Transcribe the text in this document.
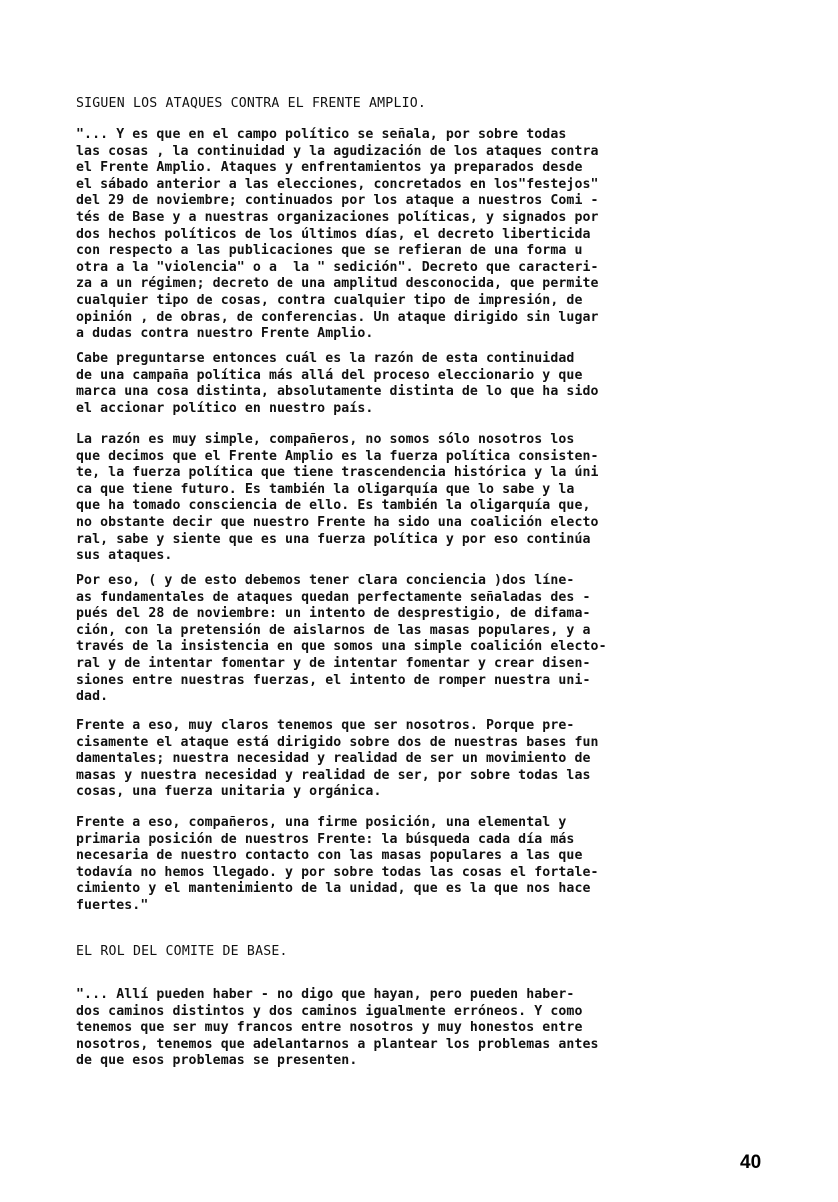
SIGUEN LOS ATAQUES CONTRA EL FRENTE AMPLIO.
"... Y es que en el campo político se señala, por sobre todas
las cosas , la continuidad y la agudización de los ataques contra
el Frente Amplio. Ataques y enfrentamientos ya preparados desde
el sábado anterior a las elecciones, concretados en los"festejos"
del 29 de noviembre; continuados por los ataque a nuestros Comi -
tés de Base y a nuestras organizaciones políticas, y signados por
dos hechos políticos de los últimos días, el decreto liberticida
con respecto a las publicaciones que se refieran de una forma u
otra a la "violencia" o a  la " sedición". Decreto que caracteri-
za a un régimen; decreto de una amplitud desconocida, que permite
cualquier tipo de cosas, contra cualquier tipo de impresión, de
opinión , de obras, de conferencias. Un ataque dirigido sin lugar
a dudas contra nuestro Frente Amplio.
Cabe preguntarse entonces cuál es la razón de esta continuidad
de una campaña política más allá del proceso eleccionario y que
marca una cosa distinta, absolutamente distinta de lo que ha sido
el accionar político en nuestro país.
La razón es muy simple, compañeros, no somos sólo nosotros los
que decimos que el Frente Amplio es la fuerza política consisten-
te, la fuerza política que tiene trascendencia histórica y la úni
ca que tiene futuro. Es también la oligarquía que lo sabe y la
que ha tomado consciencia de ello. Es también la oligarquía que,
no obstante decir que nuestro Frente ha sido una coalición electo
ral, sabe y siente que es una fuerza política y por eso continúa
sus ataques.
Por eso, ( y de esto debemos tener clara conciencia )dos líne-
as fundamentales de ataques quedan perfectamente señaladas des -
pués del 28 de noviembre: un intento de desprestigio, de difama-
ción, con la pretensión de aislarnos de las masas populares, y a
través de la insistencia en que somos una simple coalición electo-
ral y de intentar fomentar y de intentar fomentar y crear disen-
siones entre nuestras fuerzas, el intento de romper nuestra uni-
dad.
Frente a eso, muy claros tenemos que ser nosotros. Porque pre-
cisamente el ataque está dirigido sobre dos de nuestras bases fun
damentales; nuestra necesidad y realidad de ser un movimiento de
masas y nuestra necesidad y realidad de ser, por sobre todas las
cosas, una fuerza unitaria y orgánica.
Frente a eso, compañeros, una firme posición, una elemental y
primaria posición de nuestros Frente: la búsqueda cada día más
necesaria de nuestro contacto con las masas populares a las que
todavía no hemos llegado. y por sobre todas las cosas el fortale-
cimiento y el mantenimiento de la unidad, que es la que nos hace
fuertes."
EL ROL DEL COMITE DE BASE.
"... Allí pueden haber - no digo que hayan, pero pueden haber-
dos caminos distintos y dos caminos igualmente erróneos. Y como
tenemos que ser muy francos entre nosotros y muy honestos entre
nosotros, tenemos que adelantarnos a plantear los problemas antes
de que esos problemas se presenten.
40
